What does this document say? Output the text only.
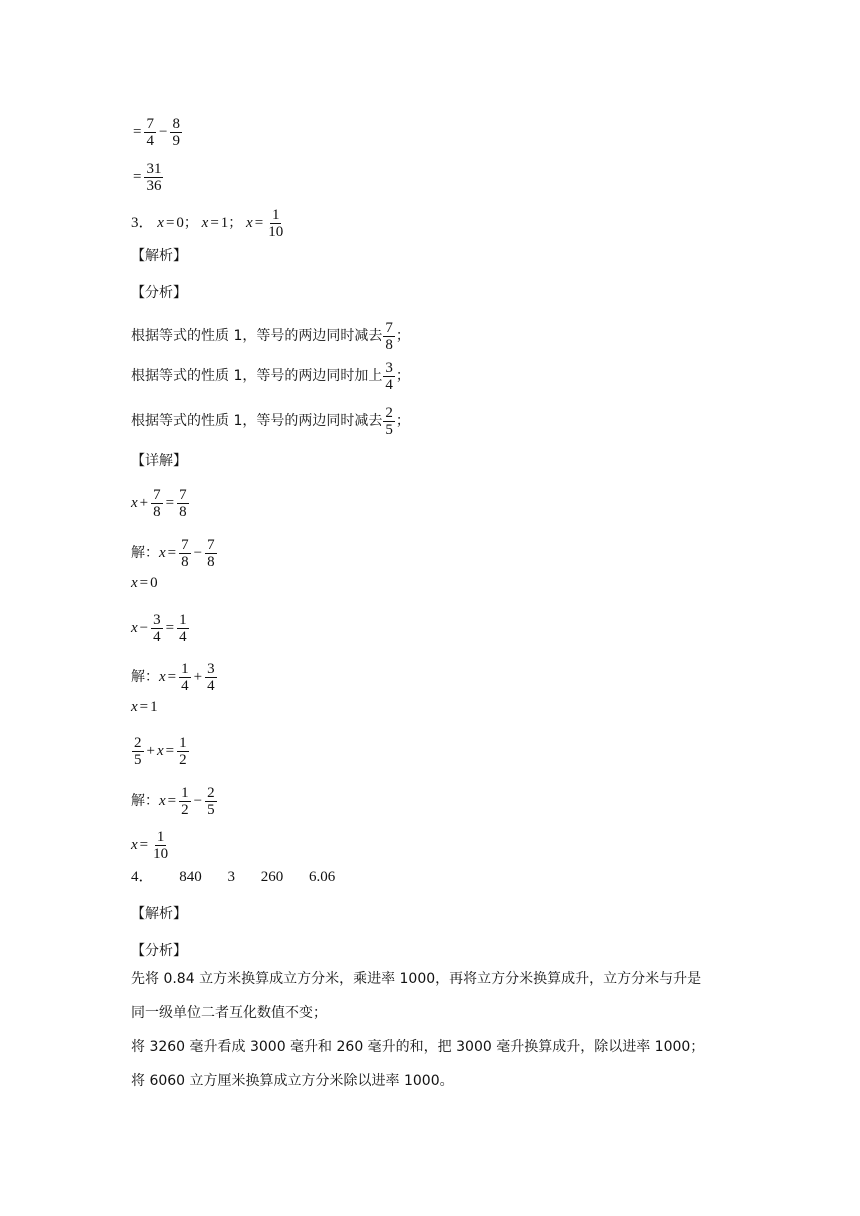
= $\frac{7}{4} - \frac{8}{9}$
= $\frac{31}{36}$
3． x = 0； x = 1； $x = \frac{1}{10}$
【解析】
【分析】
根据等式的性质 1，等号的两边同时减去 $\frac{7}{8}$ ；
根据等式的性质 1，等号的两边同时加上 $\frac{3}{4}$ ；
根据等式的性质 1，等号的两边同时减去 $\frac{2}{5}$ ；
【详解】
$x + \frac{7}{8} = \frac{7}{8}$
解：$x = \frac{7}{8} - \frac{7}{8}$
x = 0
$x - \frac{3}{4} = \frac{1}{4}$
解：$x = \frac{1}{4} + \frac{3}{4}$
x = 1
$\frac{2}{5} + x = \frac{1}{2}$
解：$x = \frac{1}{2} - \frac{2}{5}$
$x = \frac{1}{10}$
4． 840 3 260 6.06
【解析】
【分析】
先将 0.84 立方米换算成立方分米，乘进率 1000，再将立方分米换算成升，立方分米与升是
同一级单位二者互化数值不变；
将 3260 毫升看成 3000 毫升和 260 毫升的和，把 3000 毫升换算成升，除以进率 1000；
将 6060 立方厘米换算成立方分米除以进率 1000。
